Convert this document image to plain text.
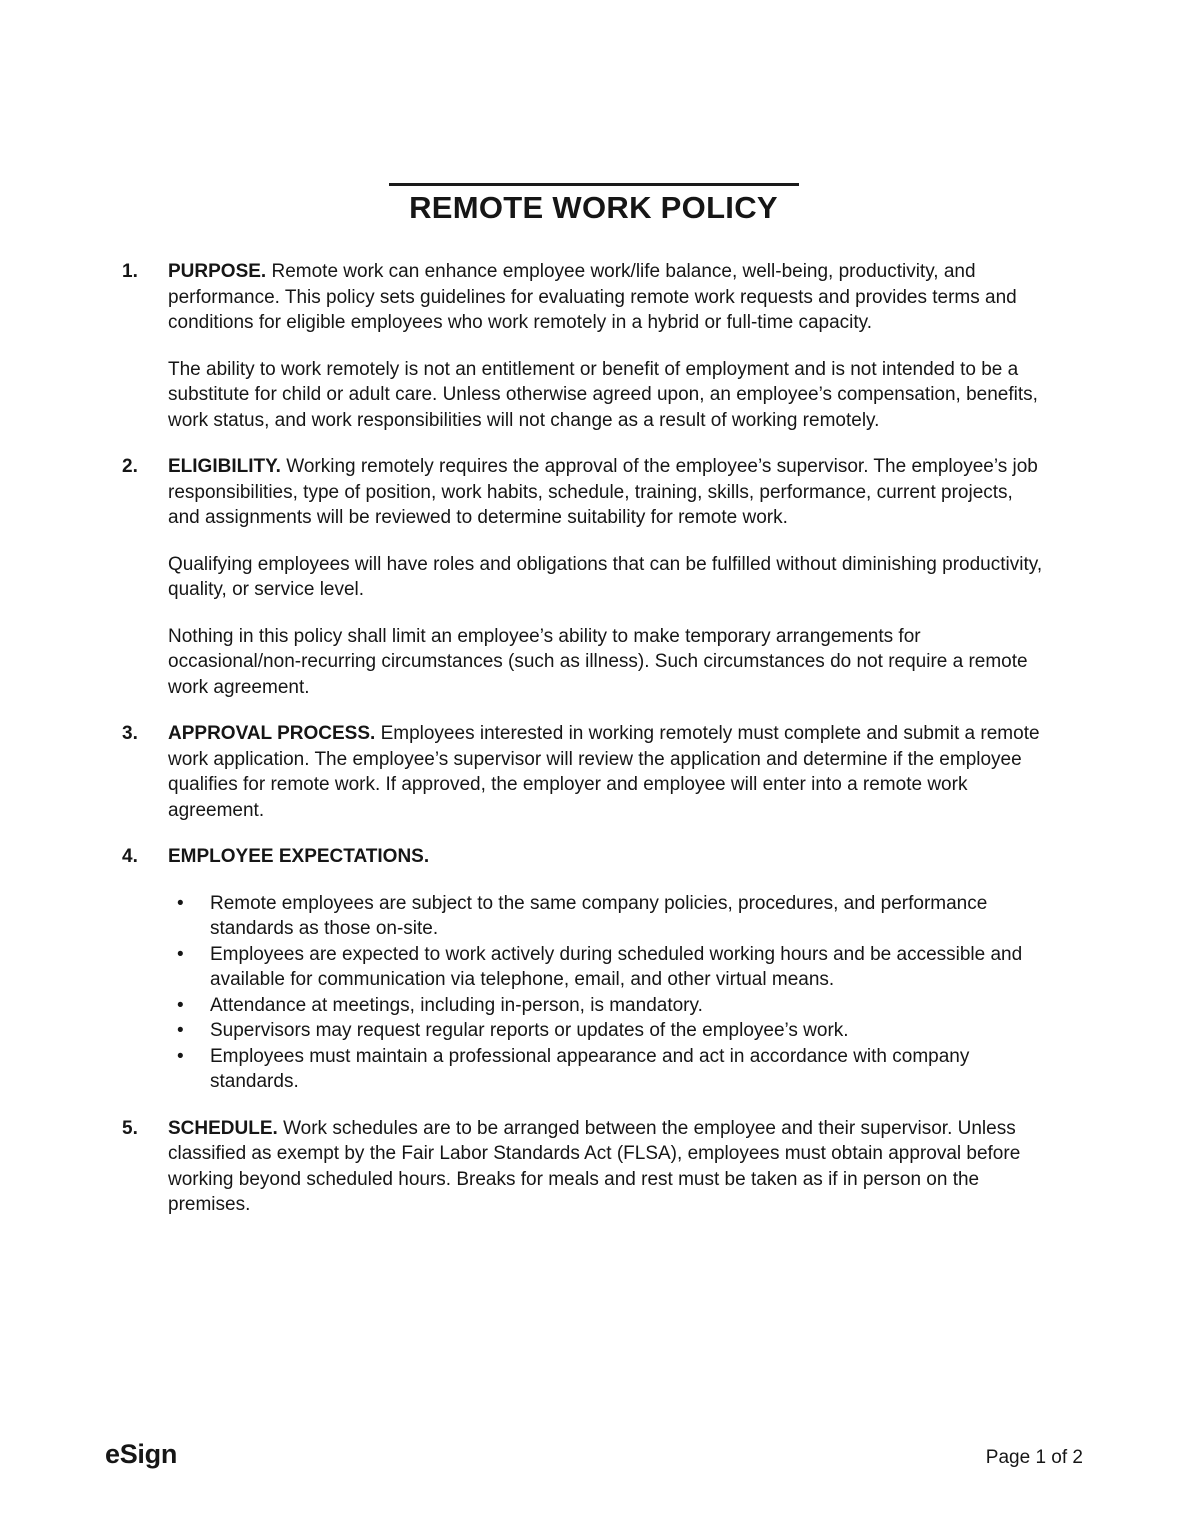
REMOTE WORK POLICY
1.	PURPOSE. Remote work can enhance employee work/life balance, well-being, productivity, and performance. This policy sets guidelines for evaluating remote work requests and provides terms and conditions for eligible employees who work remotely in a hybrid or full-time capacity.

The ability to work remotely is not an entitlement or benefit of employment and is not intended to be a substitute for child or adult care. Unless otherwise agreed upon, an employee’s compensation, benefits, work status, and work responsibilities will not change as a result of working remotely.

2.	ELIGIBILITY. Working remotely requires the approval of the employee’s supervisor. The employee’s job responsibilities, type of position, work habits, schedule, training, skills, performance, current projects, and assignments will be reviewed to determine suitability for remote work.

Qualifying employees will have roles and obligations that can be fulfilled without diminishing productivity, quality, or service level.

Nothing in this policy shall limit an employee’s ability to make temporary arrangements for occasional/non-recurring circumstances (such as illness). Such circumstances do not require a remote work agreement.

3.	APPROVAL PROCESS. Employees interested in working remotely must complete and submit a remote work application. The employee’s supervisor will review the application and determine if the employee qualifies for remote work. If approved, the employer and employee will enter into a remote work agreement.

4.	EMPLOYEE EXPECTATIONS.

• Remote employees are subject to the same company policies, procedures, and performance standards as those on-site.
• Employees are expected to work actively during scheduled working hours and be accessible and available for communication via telephone, email, and other virtual means.
• Attendance at meetings, including in-person, is mandatory.
• Supervisors may request regular reports or updates of the employee’s work.
• Employees must maintain a professional appearance and act in accordance with company standards.
5.	SCHEDULE. Work schedules are to be arranged between the employee and their supervisor. Unless classified as exempt by the Fair Labor Standards Act (FLSA), employees must obtain approval before working beyond scheduled hours. Breaks for meals and rest must be taken as if in person on the premises.

eSign	Page 1 of 2
